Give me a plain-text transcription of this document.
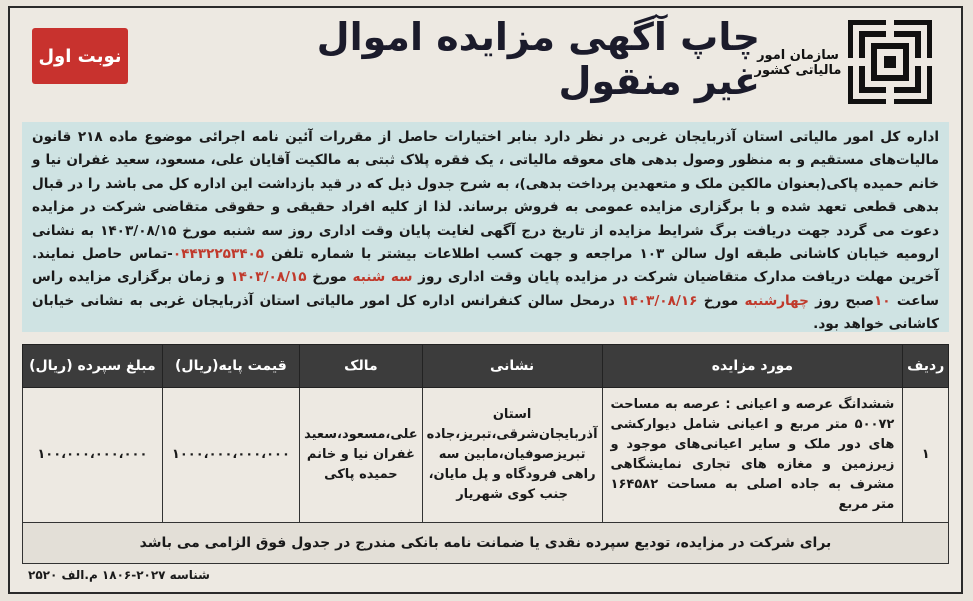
نوبت اول	چاپ آگهی مزایده اموال غیر منقول
سازمان امور مالیاتی کشور
اداره کل امور مالیاتی استان آذربایجان غربی در نظر دارد بنابر اختیارات حاصل از مقررات آئین نامه اجرائی موضوع ماده ۲۱۸ قانون مالیات‌های مستقیم و به منظور وصول بدهی های معوقه مالیاتی ، یک فقره پلاک ثبتی به مالکیت آقایان علی، مسعود، سعید غفران نیا و خانم حمیده پاکی(بعنوان مالکین ملک و متعهدین پرداخت بدهی)، به شرح جدول ذیل که در قید بازداشت این اداره کل می باشد را در قبال بدهی قطعی تعهد شده و با برگزاری مزایده عمومی به فروش برساند. لذا از کلیه افراد حقیقی و حقوقی متقاضی شرکت در مزایده دعوت می گردد جهت دریافت برگ شرایط مزایده از تاریخ درج آگهی لغایت پایان وقت اداری روز سه شنبه مورخ ۱۴۰۳/۰۸/۱۵ به نشانی ارومیه خیابان کاشانی طبقه اول سالن ۱۰۳ مراجعه و جهت کسب اطلاعات بیشتر با شماره تلفن ۰۴۴۳۲۲۵۳۴۰۵-تماس حاصل نمایند. آخرین مهلت دریافت مدارک متقاضیان شرکت در مزایده پایان وقت اداری روز سه شنبه مورخ ۱۴۰۳/۰۸/۱۵ و زمان برگزاری مزایده راس ساعت ۱۰صبح روز چهارشنبه مورخ ۱۴۰۳/۰۸/۱۶ درمحل سالن کنفرانس اداره کل امور مالیاتی استان آذربایجان غربی به نشانی خیابان کاشانی خواهد بود.
ردیف	مورد مزایده	نشانی	مالک	قیمت پایه(ریال)	مبلغ سپرده (ریال)
۱	ششدانگ عرصه و اعیانی : عرصه به مساحت ۵۰۰۷۲ متر مربع و اعیانی شامل دیوارکشی های دور ملک و سایر اعیانی‌های موجود و زیرزمین و مغازه های تجاری نمایشگاهی مشرف به جاده اصلی به مساحت ۱۶۴۵۸۲ متر مربع	استان آذربایجان‌شرقی،تبریز،جاده تبریزصوفیان،مابین سه راهی فرودگاه و پل مایان، جنب کوی شهریار	علی،مسعود،سعید غفران نیا و خانم حمیده پاکی	۱۰۰۰،۰۰۰،۰۰۰،۰۰۰	۱۰۰،۰۰۰،۰۰۰،۰۰۰
برای شرکت در مزایده، تودیع سپرده نقدی یا ضمانت نامه بانکی مندرج در جدول فوق الزامی می باشد					
شناسه ۲۰۲۷-۱۸۰۶ م.الف ۲۵۲۰
